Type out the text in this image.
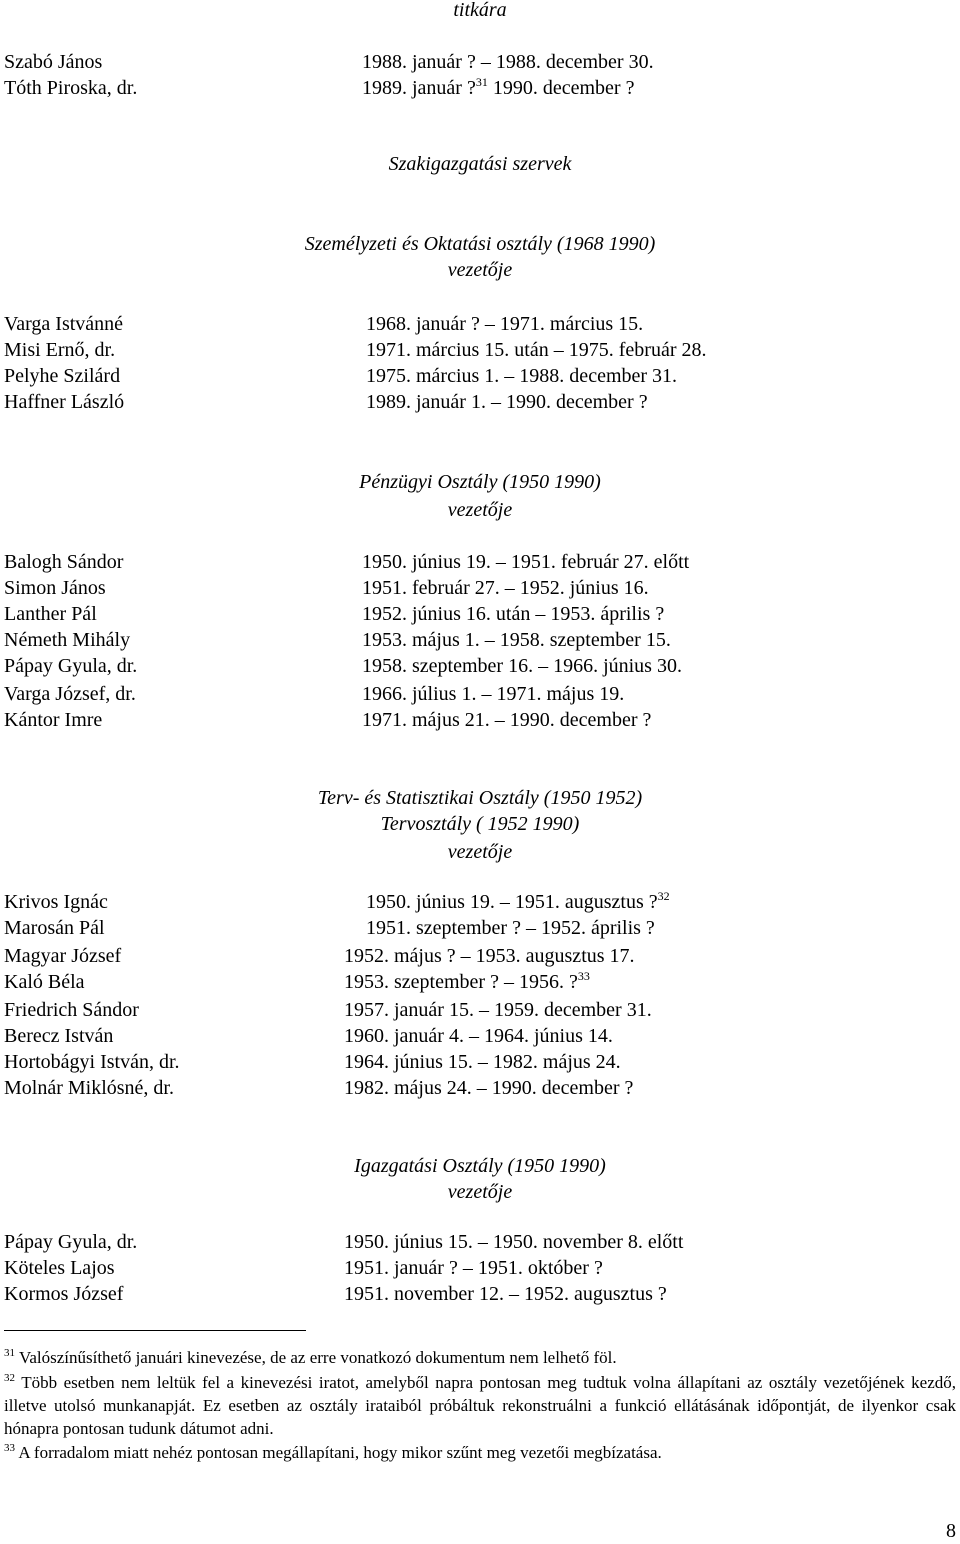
titkára
Szabó János	1988. január ? – 1988. december 30.
Tóth Piroska, dr.	1989. január ?$^{31}$ 1990. december ?
Szakigazgatási szervek
Személyzeti és Oktatási osztály (1968 1990)
vezetője
Varga Istvánné	1968. január ? – 1971. március 15.
Misi Ernő, dr.	1971. március 15. után – 1975. február 28.
Pelyhe Szilárd	1975. március 1. – 1988. december 31.
Haffner László	1989. január 1. – 1990. december ?
Pénzügyi Osztály (1950 1990)
vezetője
Balogh Sándor	1950. június 19. – 1951. február 27. előtt
Simon János	1951. február 27. – 1952. június 16.
Lanther Pál	1952. június 16. után – 1953. április ?
Németh Mihály	1953. május 1. – 1958. szeptember 15.
Pápay Gyula, dr.	1958. szeptember 16. – 1966. június 30.
Varga József, dr.	1966. július 1. – 1971. május 19.
Kántor Imre	1971. május 21. – 1990. december ?
Terv- és Statisztikai Osztály (1950 1952)
Tervosztály ( 1952 1990)
vezetője
Krivos Ignác	1950. június 19. – 1951. augusztus ?$^{32}$
Marosán Pál	1951. szeptember ? – 1952. április ?
Magyar József	1952. május ? – 1953. augusztus 17.
Kaló Béla	1953. szeptember ? – 1956. ?$^{33}$
Friedrich Sándor	1957. január 15. – 1959. december 31.
Berecz István	1960. január 4. – 1964. június 14.
Hortobágyi István, dr.	1964. június 15. – 1982. május 24.
Molnár Miklósné, dr.	1982. május 24. – 1990. december ?
Igazgatási Osztály (1950 1990)
vezetője
Pápay Gyula, dr.	1950. június 15. – 1950. november 8. előtt
Köteles Lajos	1951. január ? – 1951. október ?
Kormos József	1951. november 12. – 1952. augusztus ?
$^{31}$ Valószínűsíthető januári kinevezése, de az erre vonatkozó dokumentum nem lelhető föl.
$^{32}$ Több esetben nem leltük fel a kinevezési iratot, amelyből napra pontosan meg tudtuk volna állapítani az osztály vezetőjének kezdő, illetve utolsó munkanapját. Ez esetben az osztály irataiból próbáltuk rekonstruálni a funkció ellátásának időpontját, de ilyenkor csak hónapra pontosan tudunk dátumot adni.
$^{33}$ A forradalom miatt nehéz pontosan megállapítani, hogy mikor szűnt meg vezetői megbízatása.
8
